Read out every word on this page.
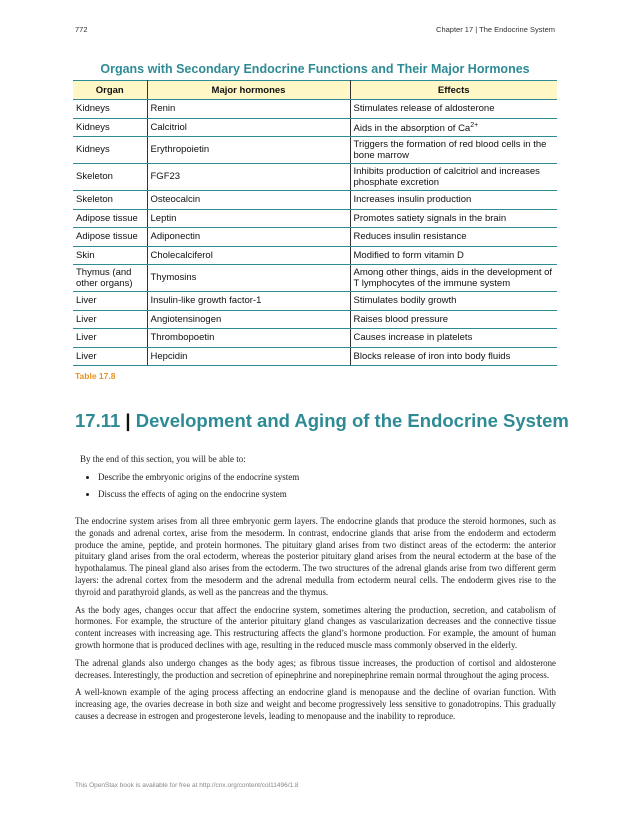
772	Chapter 17 | The Endocrine System
Organs with Secondary Endocrine Functions and Their Major Hormones
Organ	Major hormones	Effects
Kidneys	Renin	Stimulates release of aldosterone
Kidneys	Calcitriol	Aids in the absorption of $Ca^{2+}$
Kidneys	Erythropoietin	Triggers the formation of red blood cells in the bone marrow
Skeleton	FGF23	Inhibits production of calcitriol and increases phosphate excretion
Skeleton	Osteocalcin	Increases insulin production
Adipose tissue	Leptin	Promotes satiety signals in the brain
Adipose tissue	Adiponectin	Reduces insulin resistance
Skin	Cholecalciferol	Modified to form vitamin D
Thymus (and other organs)	Thymosins	Among other things, aids in the development of T lymphocytes of the immune system
Liver	Insulin-like growth factor-1	Stimulates bodily growth
Liver	Angiotensinogen	Raises blood pressure
Liver	Thrombopoetin	Causes increase in platelets
Liver	Hepcidin	Blocks release of iron into body fluids
Table 17.8
17.11 | Development and Aging of the Endocrine System
By the end of this section, you will be able to:
• Describe the embryonic origins of the endocrine system
• Discuss the effects of aging on the endocrine system

The endocrine system arises from all three embryonic germ layers. The endocrine glands that produce the steroid hormones, such as the gonads and adrenal cortex, arise from the mesoderm. In contrast, endocrine glands that arise from the endoderm and ectoderm produce the amine, peptide, and protein hormones. The pituitary gland arises from two distinct areas of the ectoderm: the anterior pituitary gland arises from the oral ectoderm, whereas the posterior pituitary gland arises from the neural ectoderm at the base of the hypothalamus. The pineal gland also arises from the ectoderm. The two structures of the adrenal glands arise from two different germ layers: the adrenal cortex from the mesoderm and the adrenal medulla from ectoderm neural cells. The endoderm gives rise to the thyroid and parathyroid glands, as well as the pancreas and the thymus.

As the body ages, changes occur that affect the endocrine system, sometimes altering the production, secretion, and catabolism of hormones. For example, the structure of the anterior pituitary gland changes as vascularization decreases and the connective tissue content increases with increasing age. This restructuring affects the gland’s hormone production. For example, the amount of human growth hormone that is produced declines with age, resulting in the reduced muscle mass commonly observed in the elderly.

The adrenal glands also undergo changes as the body ages; as fibrous tissue increases, the production of cortisol and aldosterone decreases. Interestingly, the production and secretion of epinephrine and norepinephrine remain normal throughout the aging process.

A well-known example of the aging process affecting an endocrine gland is menopause and the decline of ovarian function. With increasing age, the ovaries decrease in both size and weight and become progressively less sensitive to gonadotropins. This gradually causes a decrease in estrogen and progesterone levels, leading to menopause and the inability to reproduce.

This OpenStax book is available for free at http://cnx.org/content/col11496/1.8
